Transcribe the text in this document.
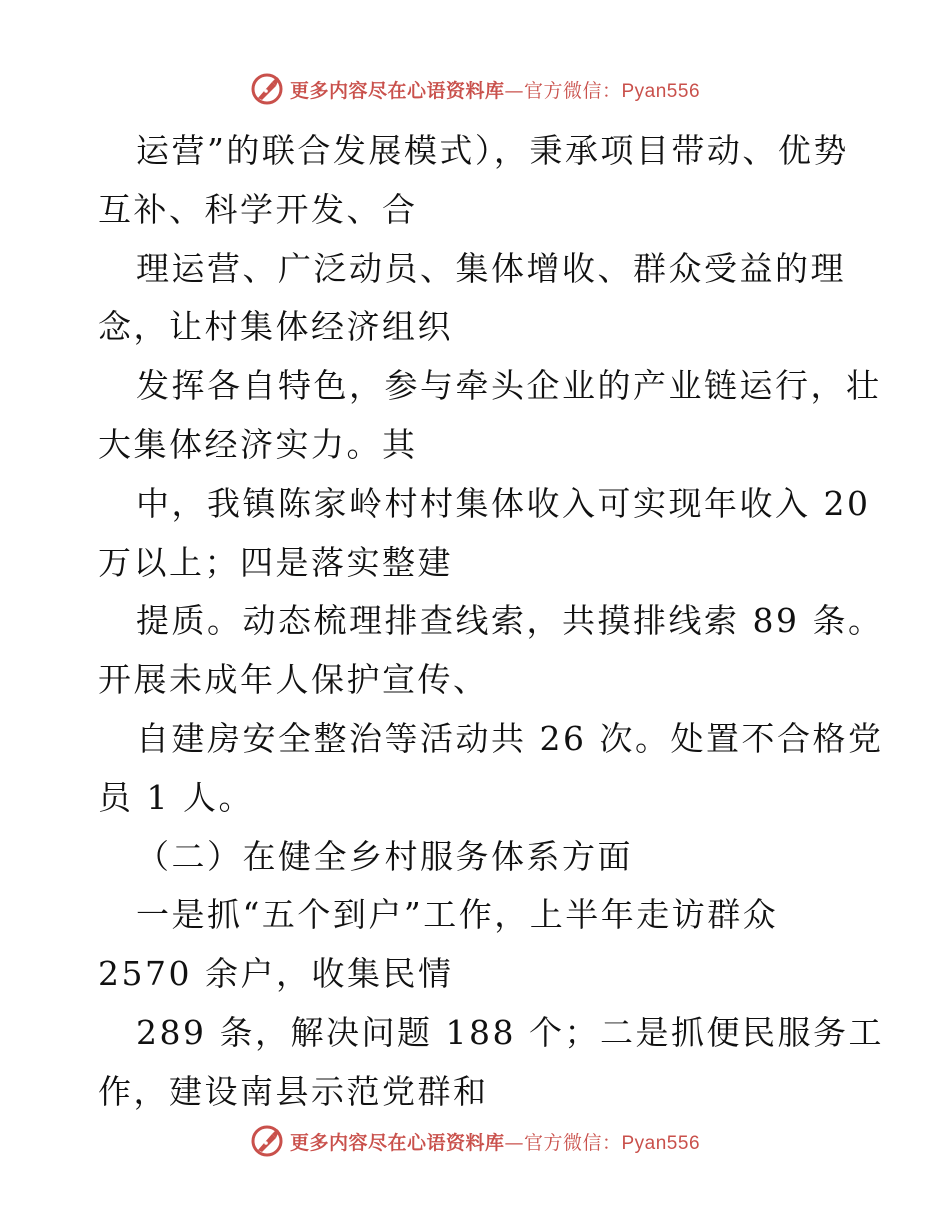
更多内容尽在心语资料库—官方微信：Pyan556
运营”的联合发展模式），秉承项目带动、优势
互补、科学开发、合
理运营、广泛动员、集体增收、群众受益的理
念，让村集体经济组织
发挥各自特色，参与牵头企业的产业链运行，壮
大集体经济实力。其
中，我镇陈家岭村村集体收入可实现年收入 20
万以上；四是落实整建
提质。动态梳理排查线索，共摸排线索 89 条。
开展未成年人保护宣传、
自建房安全整治等活动共 26 次。处置不合格党
员 1 人。
（二）在健全乡村服务体系方面
一是抓“五个到户”工作，上半年走访群众
2570 余户，收集民情
289 条，解决问题 188 个；二是抓便民服务工
作，建设南县示范党群和
更多内容尽在心语资料库—官方微信：Pyan556
